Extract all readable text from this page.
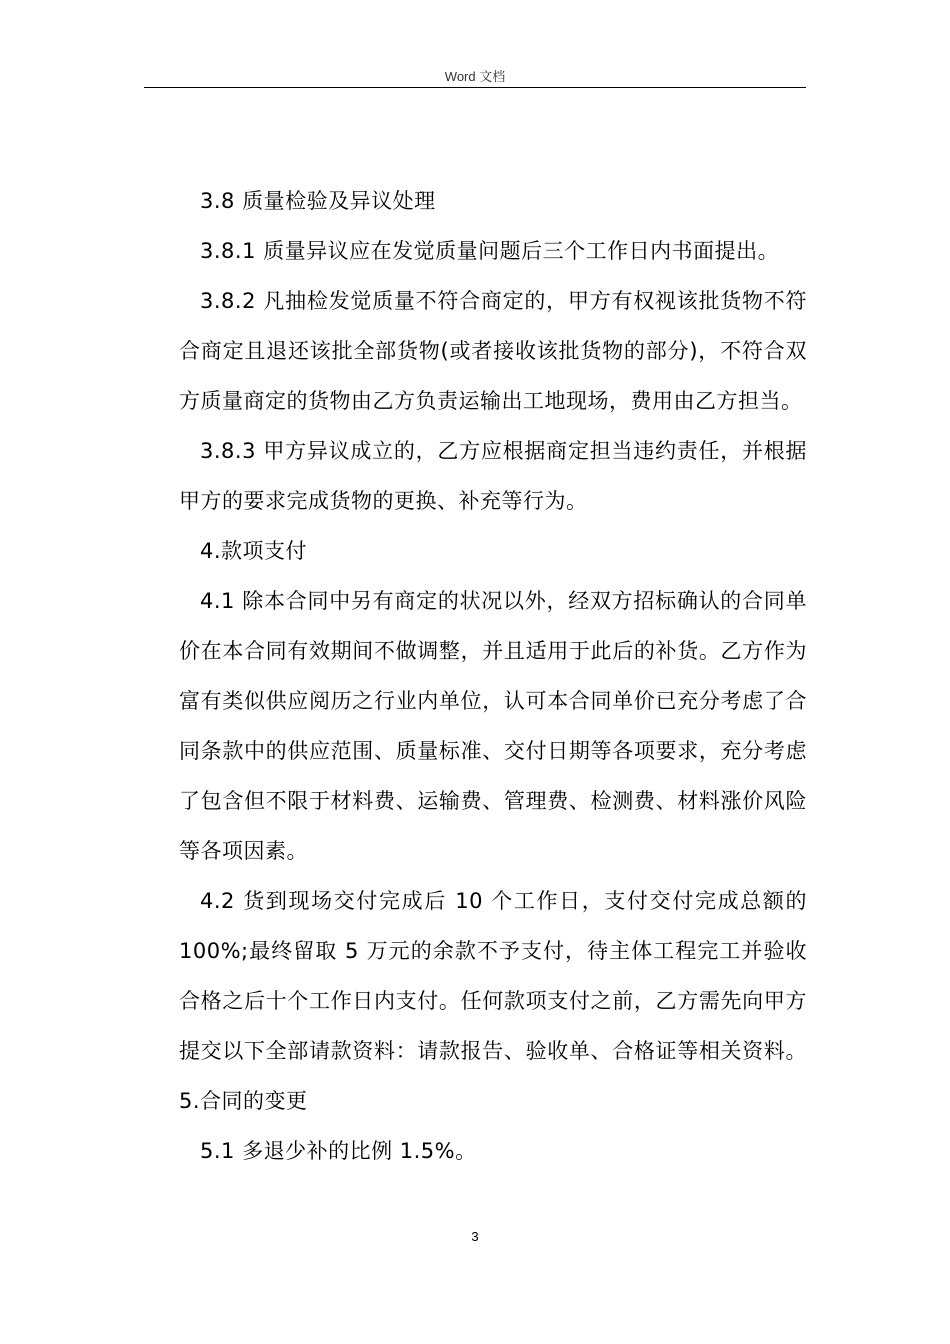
Word 文档

3.8 质量检验及异议处理

3.8.1 质量异议应在发觉质量问题后三个工作日内书面提出。

3.8.2 凡抽检发觉质量不符合商定的，甲方有权视该批货物不符合商定且退还该批全部货物(或者接收该批货物的部分)，不符合双方质量商定的货物由乙方负责运输出工地现场，费用由乙方担当。

3.8.3 甲方异议成立的，乙方应根据商定担当违约责任，并根据甲方的要求完成货物的更换、补充等行为。

4.款项支付

4.1 除本合同中另有商定的状况以外，经双方招标确认的合同单价在本合同有效期间不做调整，并且适用于此后的补货。乙方作为富有类似供应阅历之行业内单位，认可本合同单价已充分考虑了合同条款中的供应范围、质量标准、交付日期等各项要求，充分考虑了包含但不限于材料费、运输费、管理费、检测费、材料涨价风险等各项因素。

4.2 货到现场交付完成后 10 个工作日，支付交付完成总额的 100%;最终留取 5 万元的余款不予支付，待主体工程完工并验收合格之后十个工作日内支付。任何款项支付之前，乙方需先向甲方提交以下全部请款资料：请款报告、验收单、合格证等相关资料。5.合同的变更

5.1 多退少补的比例 1.5%。

3
